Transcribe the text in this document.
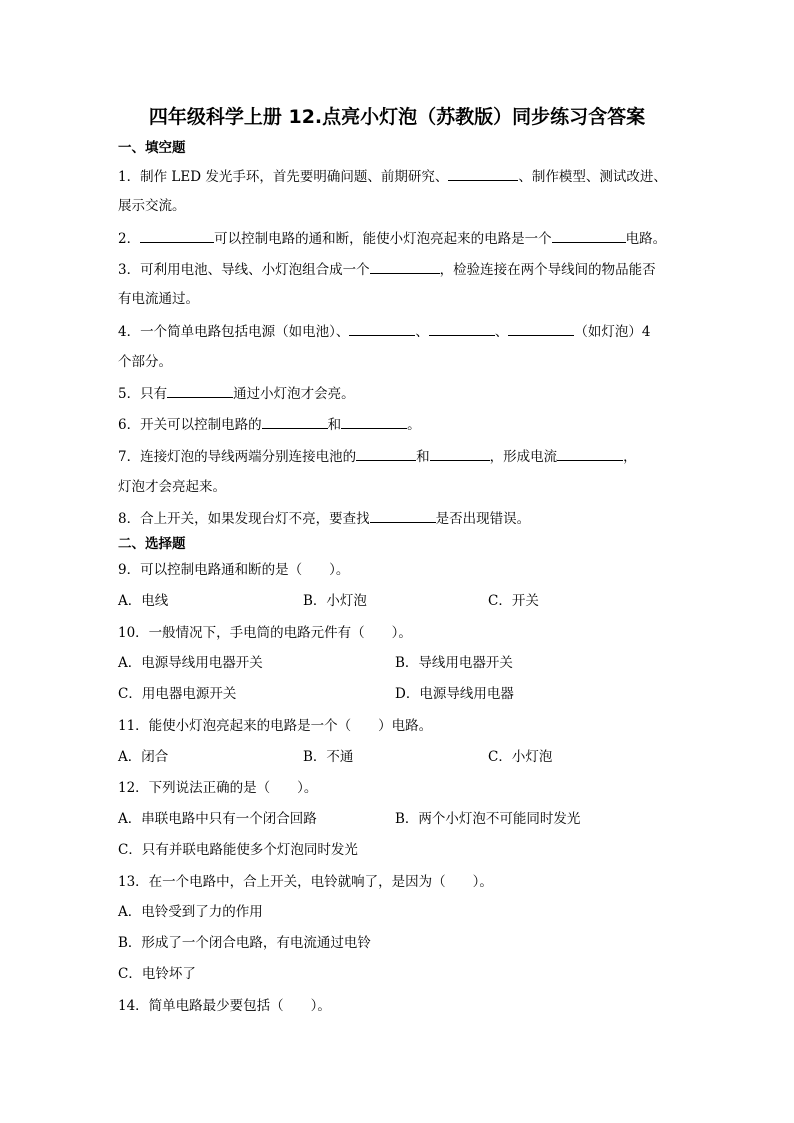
四年级科学上册 12.点亮小灯泡（苏教版）同步练习含答案
一、填空题
1．制作 LED 发光手环，首先要明确问题、前期研究、	、制作模型、测试改进、
展示交流。
2．	可以控制电路的通和断，能使小灯泡亮起来的电路是一个	电路。
3．可利用电池、导线、小灯泡组合成一个	，检验连接在两个导线间的物品能否
有电流通过。
4．一个简单电路包括电源（如电池）、	、	、	（如灯泡）4
个部分。
5．只有	通过小灯泡才会亮。
6．开关可以控制电路的	和	。
7．连接灯泡的导线两端分别连接电池的	和	，形成电流	，
灯泡才会亮起来。
8．合上开关，如果发现台灯不亮，要查找	是否出现错误。
二、选择题
9．可以控制电路通和断的是（　　）。
A．电线	B．小灯泡	C．开关
10．一般情况下，手电筒的电路元件有（　　）。
A．电源导线用电器开关	B．导线用电器开关
C．用电器电源开关	D．电源导线用电器
11．能使小灯泡亮起来的电路是一个（　　）电路。
A．闭合	B．不通	C．小灯泡
12．下列说法正确的是（　　）。
A．串联电路中只有一个闭合回路	B．两个小灯泡不可能同时发光
C．只有并联电路能使多个灯泡同时发光
13．在一个电路中，合上开关，电铃就响了，是因为（　　）。
A．电铃受到了力的作用
B．形成了一个闭合电路，有电流通过电铃
C．电铃坏了
14．简单电路最少要包括（　　）。
